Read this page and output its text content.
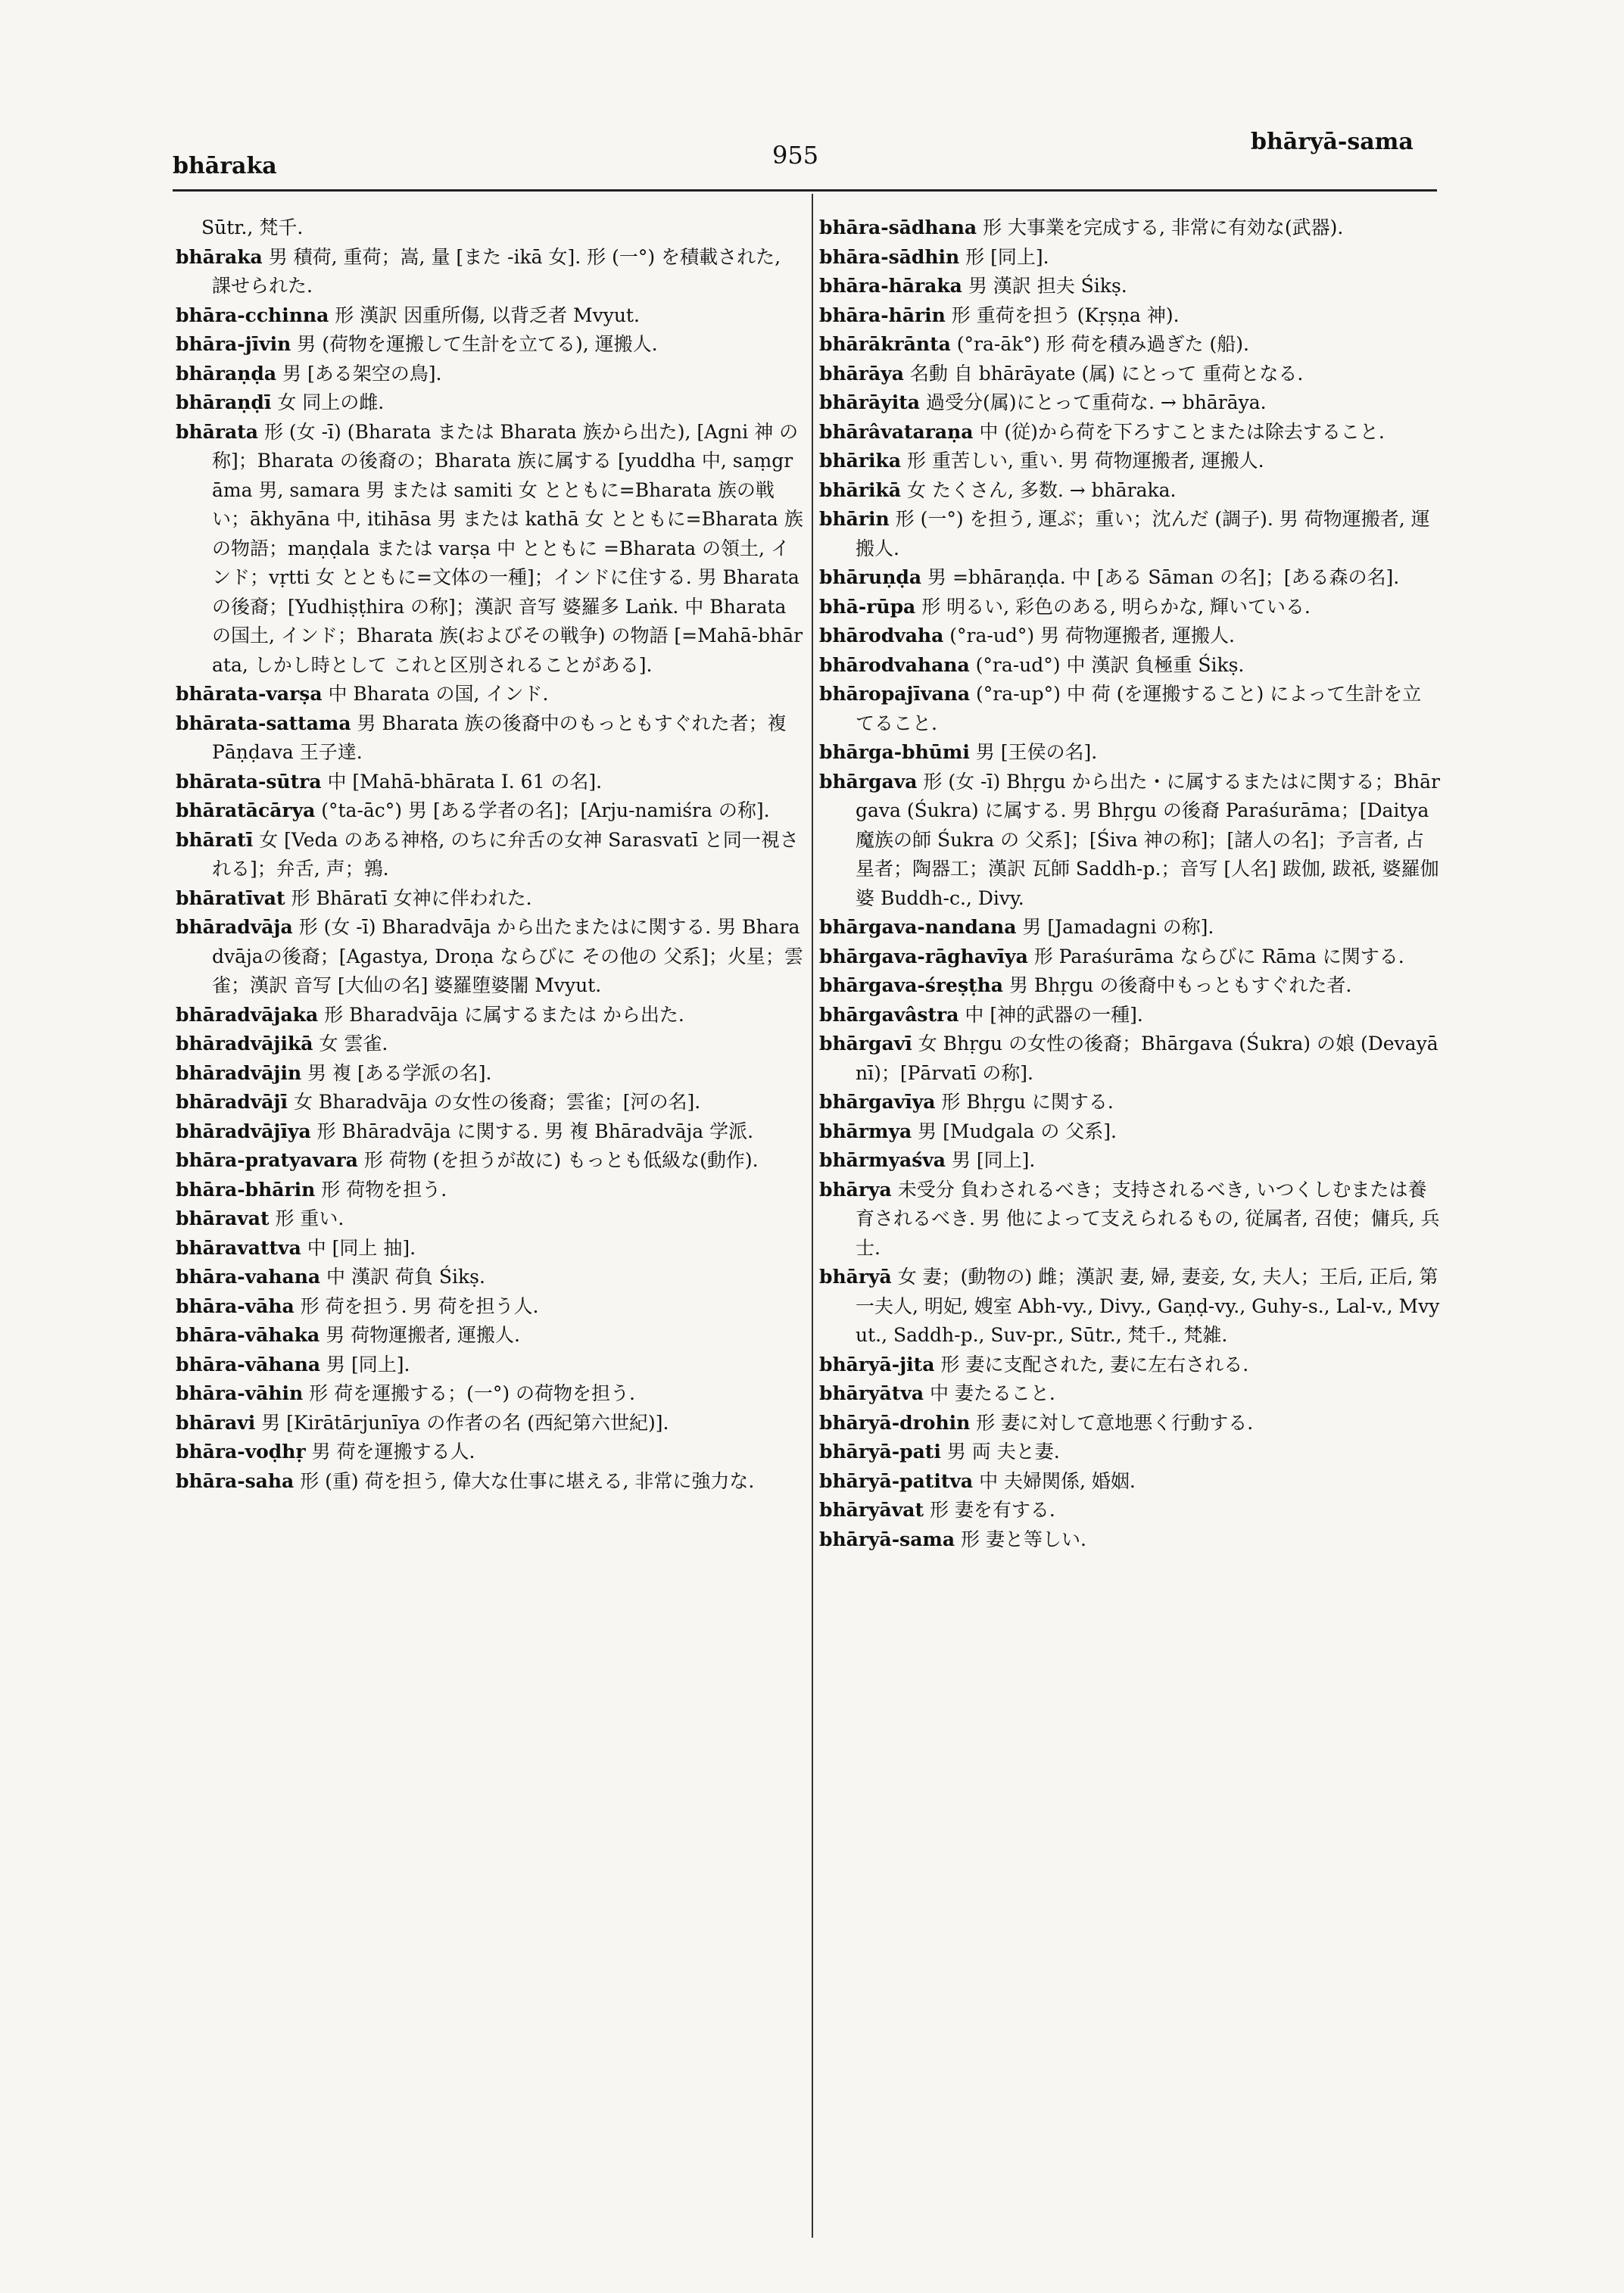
bhāraka	955	bhāryā-sama
Sūtr., 梵千.
bhāraka 男 積荷, 重荷；嵩, 量 [また -ikā 女]. 形 (一°) を積載された, 課せられた.
bhāra-cchinna 形 漢訳 因重所傷, 以背乏者 Mvyut.
bhāra-jīvin 男 (荷物を運搬して生計を立てる), 運搬人.
bhāraṇḍa 男 [ある架空の鳥].
bhāraṇḍī 女 同上の雌.
bhārata 形 (女 -ī) (Bharata または Bharata 族から出た), [Agni 神 の称]；Bharata の後裔の；Bharata 族に属する [yuddha 中, saṃgrāma 男, samara 男 または samiti 女 とともに=Bharata 族の戦い；ākhyāna 中, itihāsa 男 または kathā 女 とともに=Bharata 族の物語；maṇḍala または varṣa 中 とともに =Bharata の領土, インド；vṛtti 女 とともに=文体の一種]；インドに住する. 男 Bharata の後裔；[Yudhiṣṭhira の称]；漢訳 音写 婆羅多 Laṅk. 中 Bharata の国土, インド；Bharata 族(およびその戦争) の物語 [=Mahā-bhārata, しかし時として これと区別されることがある].
bhārata-varṣa 中 Bharata の国, インド.
bhārata-sattama 男 Bharata 族の後裔中のもっともすぐれた者；複 Pāṇḍava 王子達.
bhārata-sūtra 中 [Mahā-bhārata I. 61 の名].
bhāratācārya (°ta-āc°) 男 [ある学者の名]；[Arju-namiśra の称].
bhāratī 女 [Veda のある神格, のちに弁舌の女神 Sarasvatī と同一視される]；弁舌, 声；鶉.
bhāratīvat 形 Bhāratī 女神に伴われた.
bhāradvāja 形 (女 -ī) Bharadvāja から出たまたはに関する. 男 Bharadvājaの後裔；[Agastya, Droṇa ならびに その他の 父系]；火星；雲雀；漢訳 音写 [大仙の名] 婆羅堕婆闍 Mvyut.
bhāradvājaka 形 Bharadvāja に属するまたは から出た.
bhāradvājikā 女 雲雀.
bhāradvājin 男 複 [ある学派の名].
bhāradvājī 女 Bharadvāja の女性の後裔；雲雀；[河の名].
bhāradvājīya 形 Bhāradvāja に関する. 男 複 Bhāradvāja 学派.
bhāra-pratyavara 形 荷物 (を担うが故に) もっとも低級な(動作).
bhāra-bhārin 形 荷物を担う.
bhāravat 形 重い.
bhāravattva 中 [同上 抽].
bhāra-vahana 中 漢訳 荷負 Śikṣ.
bhāra-vāha 形 荷を担う. 男 荷を担う人.
bhāra-vāhaka 男 荷物運搬者, 運搬人.
bhāra-vāhana 男 [同上].
bhāra-vāhin 形 荷を運搬する；(一°) の荷物を担う.
bhāravi 男 [Kirātārjunīya の作者の名 (西紀第六世紀)].
bhāra-voḍhṛ 男 荷を運搬する人.
bhāra-saha 形 (重) 荷を担う, 偉大な仕事に堪える, 非常に強力な.
bhāra-sādhana 形 大事業を完成する, 非常に有効な(武器).
bhāra-sādhin 形 [同上].
bhāra-hāraka 男 漢訳 担夫 Śikṣ.
bhāra-hārin 形 重荷を担う (Kṛṣṇa 神).
bhārākrānta (°ra-āk°) 形 荷を積み過ぎた (船).
bhārāya 名動 自 bhārāyate (属) にとって 重荷となる.
bhārāyita 過受分(属)にとって重荷な. → bhārāya.
bhārâvataraṇa 中 (従)から荷を下ろすことまたは除去すること.
bhārika 形 重苦しい, 重い. 男 荷物運搬者, 運搬人.
bhārikā 女 たくさん, 多数. → bhāraka.
bhārin 形 (一°) を担う, 運ぶ；重い；沈んだ (調子). 男 荷物運搬者, 運搬人.
bhāruṇḍa 男 =bhāraṇḍa. 中 [ある Sāman の名]；[ある森の名].
bhā-rūpa 形 明るい, 彩色のある, 明らかな, 輝いている.
bhārodvaha (°ra-ud°) 男 荷物運搬者, 運搬人.
bhārodvahana (°ra-ud°) 中 漢訳 負極重 Śikṣ.
bhāropajīvana (°ra-up°) 中 荷 (を運搬すること) によって生計を立てること.
bhārga-bhūmi 男 [王侯の名].
bhārgava 形 (女 -ī) Bhṛgu から出た・に属するまたはに関する；Bhārgava (Śukra) に属する. 男 Bhṛgu の後裔 Paraśurāma；[Daitya 魔族の師 Śukra の 父系]；[Śiva 神の称]；[諸人の名]；予言者, 占星者；陶器工；漢訳 瓦師 Saddh-p.；音写 [人名] 跋伽, 跋祇, 婆羅伽婆 Buddh-c., Divy.
bhārgava-nandana 男 [Jamadagni の称].
bhārgava-rāghavīya 形 Paraśurāma ならびに Rāma に関する.
bhārgava-śreṣṭha 男 Bhṛgu の後裔中もっともすぐれた者.
bhārgavâstra 中 [神的武器の一種].
bhārgavī 女 Bhṛgu の女性の後裔；Bhārgava (Śukra) の娘 (Devayānī)；[Pārvatī の称].
bhārgavīya 形 Bhṛgu に関する.
bhārmya 男 [Mudgala の 父系].
bhārmyaśva 男 [同上].
bhārya 未受分 負わされるべき；支持されるべき, いつくしむまたは養育されるべき. 男 他によって支えられるもの, 従属者, 召使；傭兵, 兵士.
bhāryā 女 妻；(動物の) 雌；漢訳 妻, 婦, 妻妾, 女, 夫人；王后, 正后, 第一夫人, 明妃, 嫂室 Abh-vy., Divy., Gaṇḍ-vy., Guhy-s., Lal-v., Mvyut., Saddh-p., Suv-pr., Sūtr., 梵千., 梵雑.
bhāryā-jita 形 妻に支配された, 妻に左右される.
bhāryātva 中 妻たること.
bhāryā-drohin 形 妻に対して意地悪く行動する.
bhāryā-pati 男 両 夫と妻.
bhāryā-patitva 中 夫婦関係, 婚姻.
bhāryāvat 形 妻を有する.
bhāryā-sama 形 妻と等しい.
